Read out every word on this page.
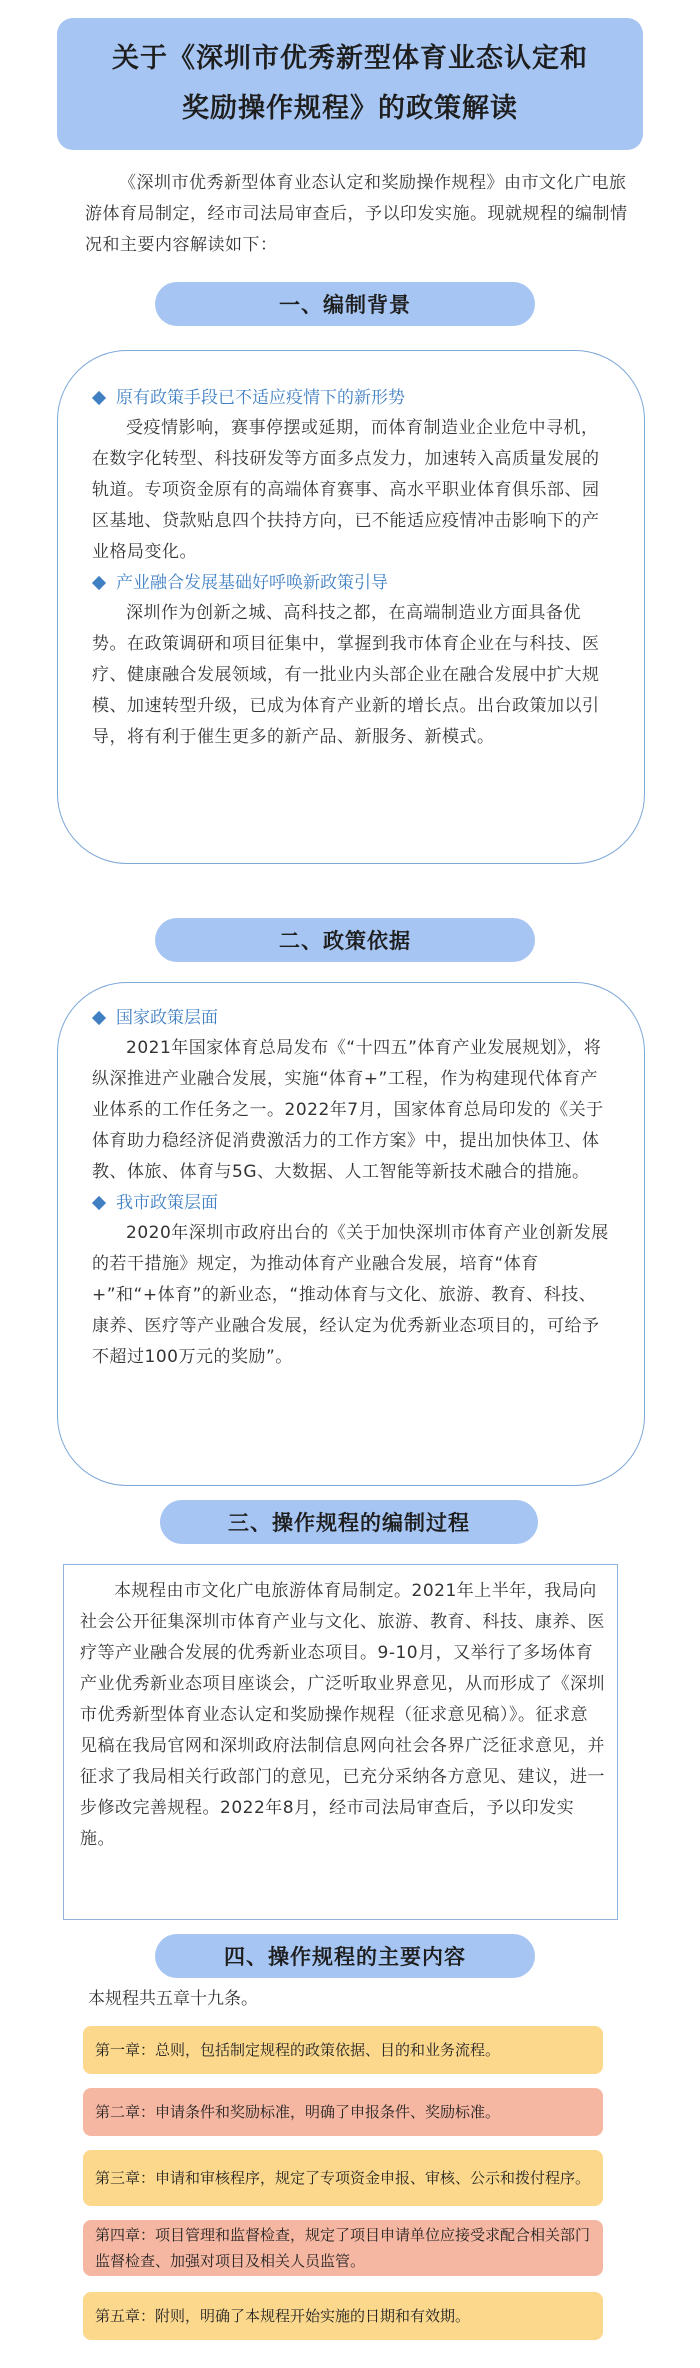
关于《深圳市优秀新型体育业态认定和
奖励操作规程》的政策解读
《深圳市优秀新型体育业态认定和奖励操作规程》由市文化广电旅游体育局制定，经市司法局审查后，予以印发实施。现就规程的编制情况和主要内容解读如下：
一、编制背景
原有政策手段已不适应疫情下的新形势
受疫情影响，赛事停摆或延期，而体育制造业企业危中寻机，在数字化转型、科技研发等方面多点发力，加速转入高质量发展的轨道。专项资金原有的高端体育赛事、高水平职业体育俱乐部、园区基地、贷款贴息四个扶持方向，已不能适应疫情冲击影响下的产业格局变化。
产业融合发展基础好呼唤新政策引导
深圳作为创新之城、高科技之都，在高端制造业方面具备优势。在政策调研和项目征集中，掌握到我市体育企业在与科技、医疗、健康融合发展领域，有一批业内头部企业在融合发展中扩大规模、加速转型升级，已成为体育产业新的增长点。出台政策加以引导，将有利于催生更多的新产品、新服务、新模式。
二、政策依据
国家政策层面
2021年国家体育总局发布《“十四五”体育产业发展规划》，将纵深推进产业融合发展，实施“体育+”工程，作为构建现代体育产业体系的工作任务之一。2022年7月，国家体育总局印发的《关于体育助力稳经济促消费激活力的工作方案》中，提出加快体卫、体教、体旅、体育与5G、大数据、人工智能等新技术融合的措施。
我市政策层面
2020年深圳市政府出台的《关于加快深圳市体育产业创新发展的若干措施》规定，为推动体育产业融合发展，培育“体育+”和“+体育”的新业态，“推动体育与文化、旅游、教育、科技、康养、医疗等产业融合发展，经认定为优秀新业态项目的，可给予不超过100万元的奖励”。
三、操作规程的编制过程
本规程由市文化广电旅游体育局制定。2021年上半年，我局向社会公开征集深圳市体育产业与文化、旅游、教育、科技、康养、医疗等产业融合发展的优秀新业态项目。9-10月，又举行了多场体育产业优秀新业态项目座谈会，广泛听取业界意见，从而形成了《深圳市优秀新型体育业态认定和奖励操作规程（征求意见稿）》。征求意见稿在我局官网和深圳政府法制信息网向社会各界广泛征求意见，并征求了我局相关行政部门的意见，已充分采纳各方意见、建议，进一步修改完善规程。2022年8月，经市司法局审查后，予以印发实施。
四、操作规程的主要内容
本规程共五章十九条。
第一章：总则，包括制定规程的政策依据、目的和业务流程。
第二章：申请条件和奖励标准，明确了申报条件、奖励标准。
第三章：申请和审核程序，规定了专项资金申报、审核、公示和拨付程序。
第四章：项目管理和监督检查，规定了项目申请单位应接受求配合相关部门监督检查、加强对项目及相关人员监管。
第五章：附则，明确了本规程开始实施的日期和有效期。
